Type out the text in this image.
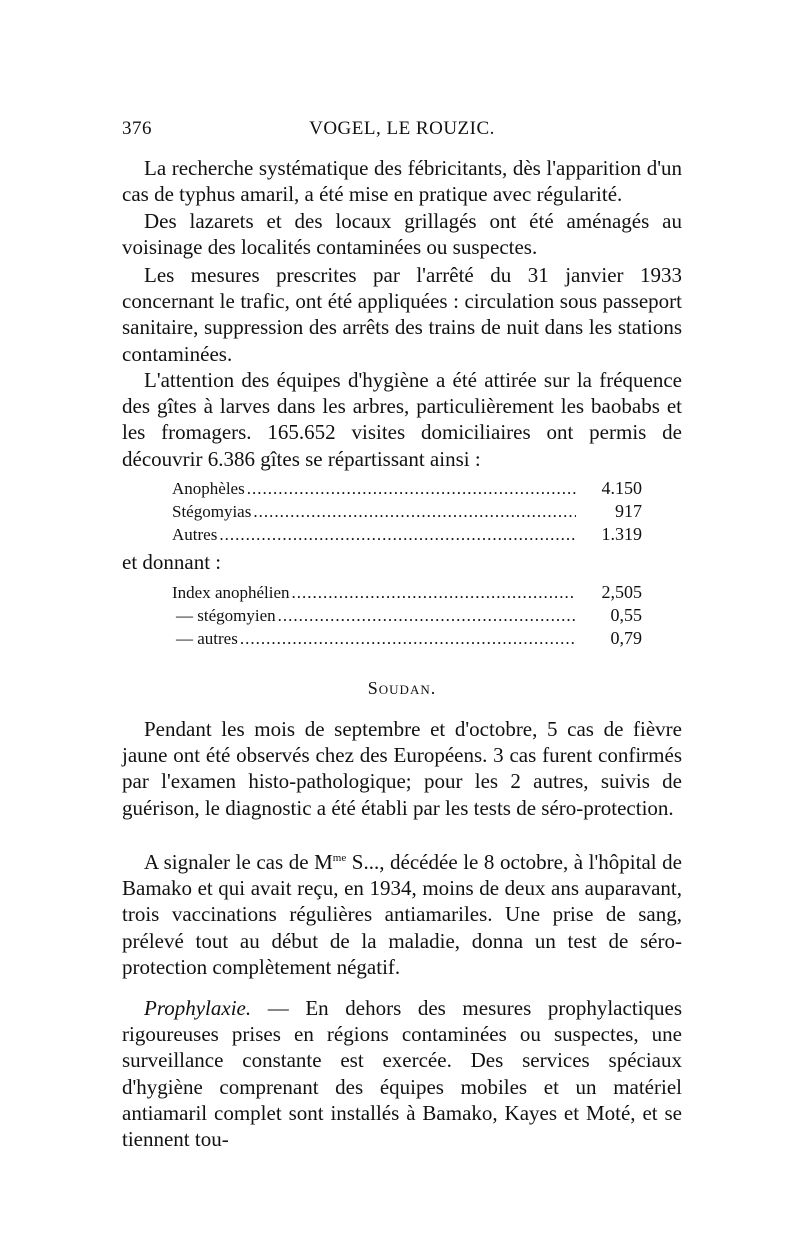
376	VOGEL, LE ROUZIC.

La recherche systématique des fébricitants, dès l'apparition d'un cas de typhus amaril, a été mise en pratique avec régularité.

Des lazarets et des locaux grillagés ont été aménagés au voisinage des localités contaminées ou suspectes.

Les mesures prescrites par l'arrêté du 31 janvier 1933 concernant le trafic, ont été appliquées : circulation sous passeport sanitaire, suppression des arrêts des trains de nuit dans les stations contaminées.

L'attention des équipes d'hygiène a été attirée sur la fréquence des gîtes à larves dans les arbres, particulièrement les baobabs et les fromagers. 165.652 visites domiciliaires ont permis de découvrir 6.386 gîtes se répartissant ainsi :

Anophèles .....	4.150
Stégomyias .....	917
Autres .....	1.319
et donnant :
Index anophélien .....	2,505
— stégomyien .....	0,55
— autres .....	0,79
Soudan.

Pendant les mois de septembre et d'octobre, 5 cas de fièvre jaune ont été observés chez des Européens. 3 cas furent confirmés par l'examen histo-pathologique; pour les 2 autres, suivis de guérison, le diagnostic a été établi par les tests de séro-protection.

A signaler le cas de $M^{me}$ S..., décédée le 8 octobre, à l'hôpital de Bamako et qui avait reçu, en 1934, moins de deux ans auparavant, trois vaccinations régulières antiamariles. Une prise de sang, prélevé tout au début de la maladie, donna un test de séro-protection complètement négatif.

Prophylaxie. — En dehors des mesures prophylactiques rigoureuses prises en régions contaminées ou suspectes, une surveillance constante est exercée. Des services spéciaux d'hygiène comprenant des équipes mobiles et un matériel antiamaril complet sont installés à Bamako, Kayes et Moté, et se tiennent tou-
